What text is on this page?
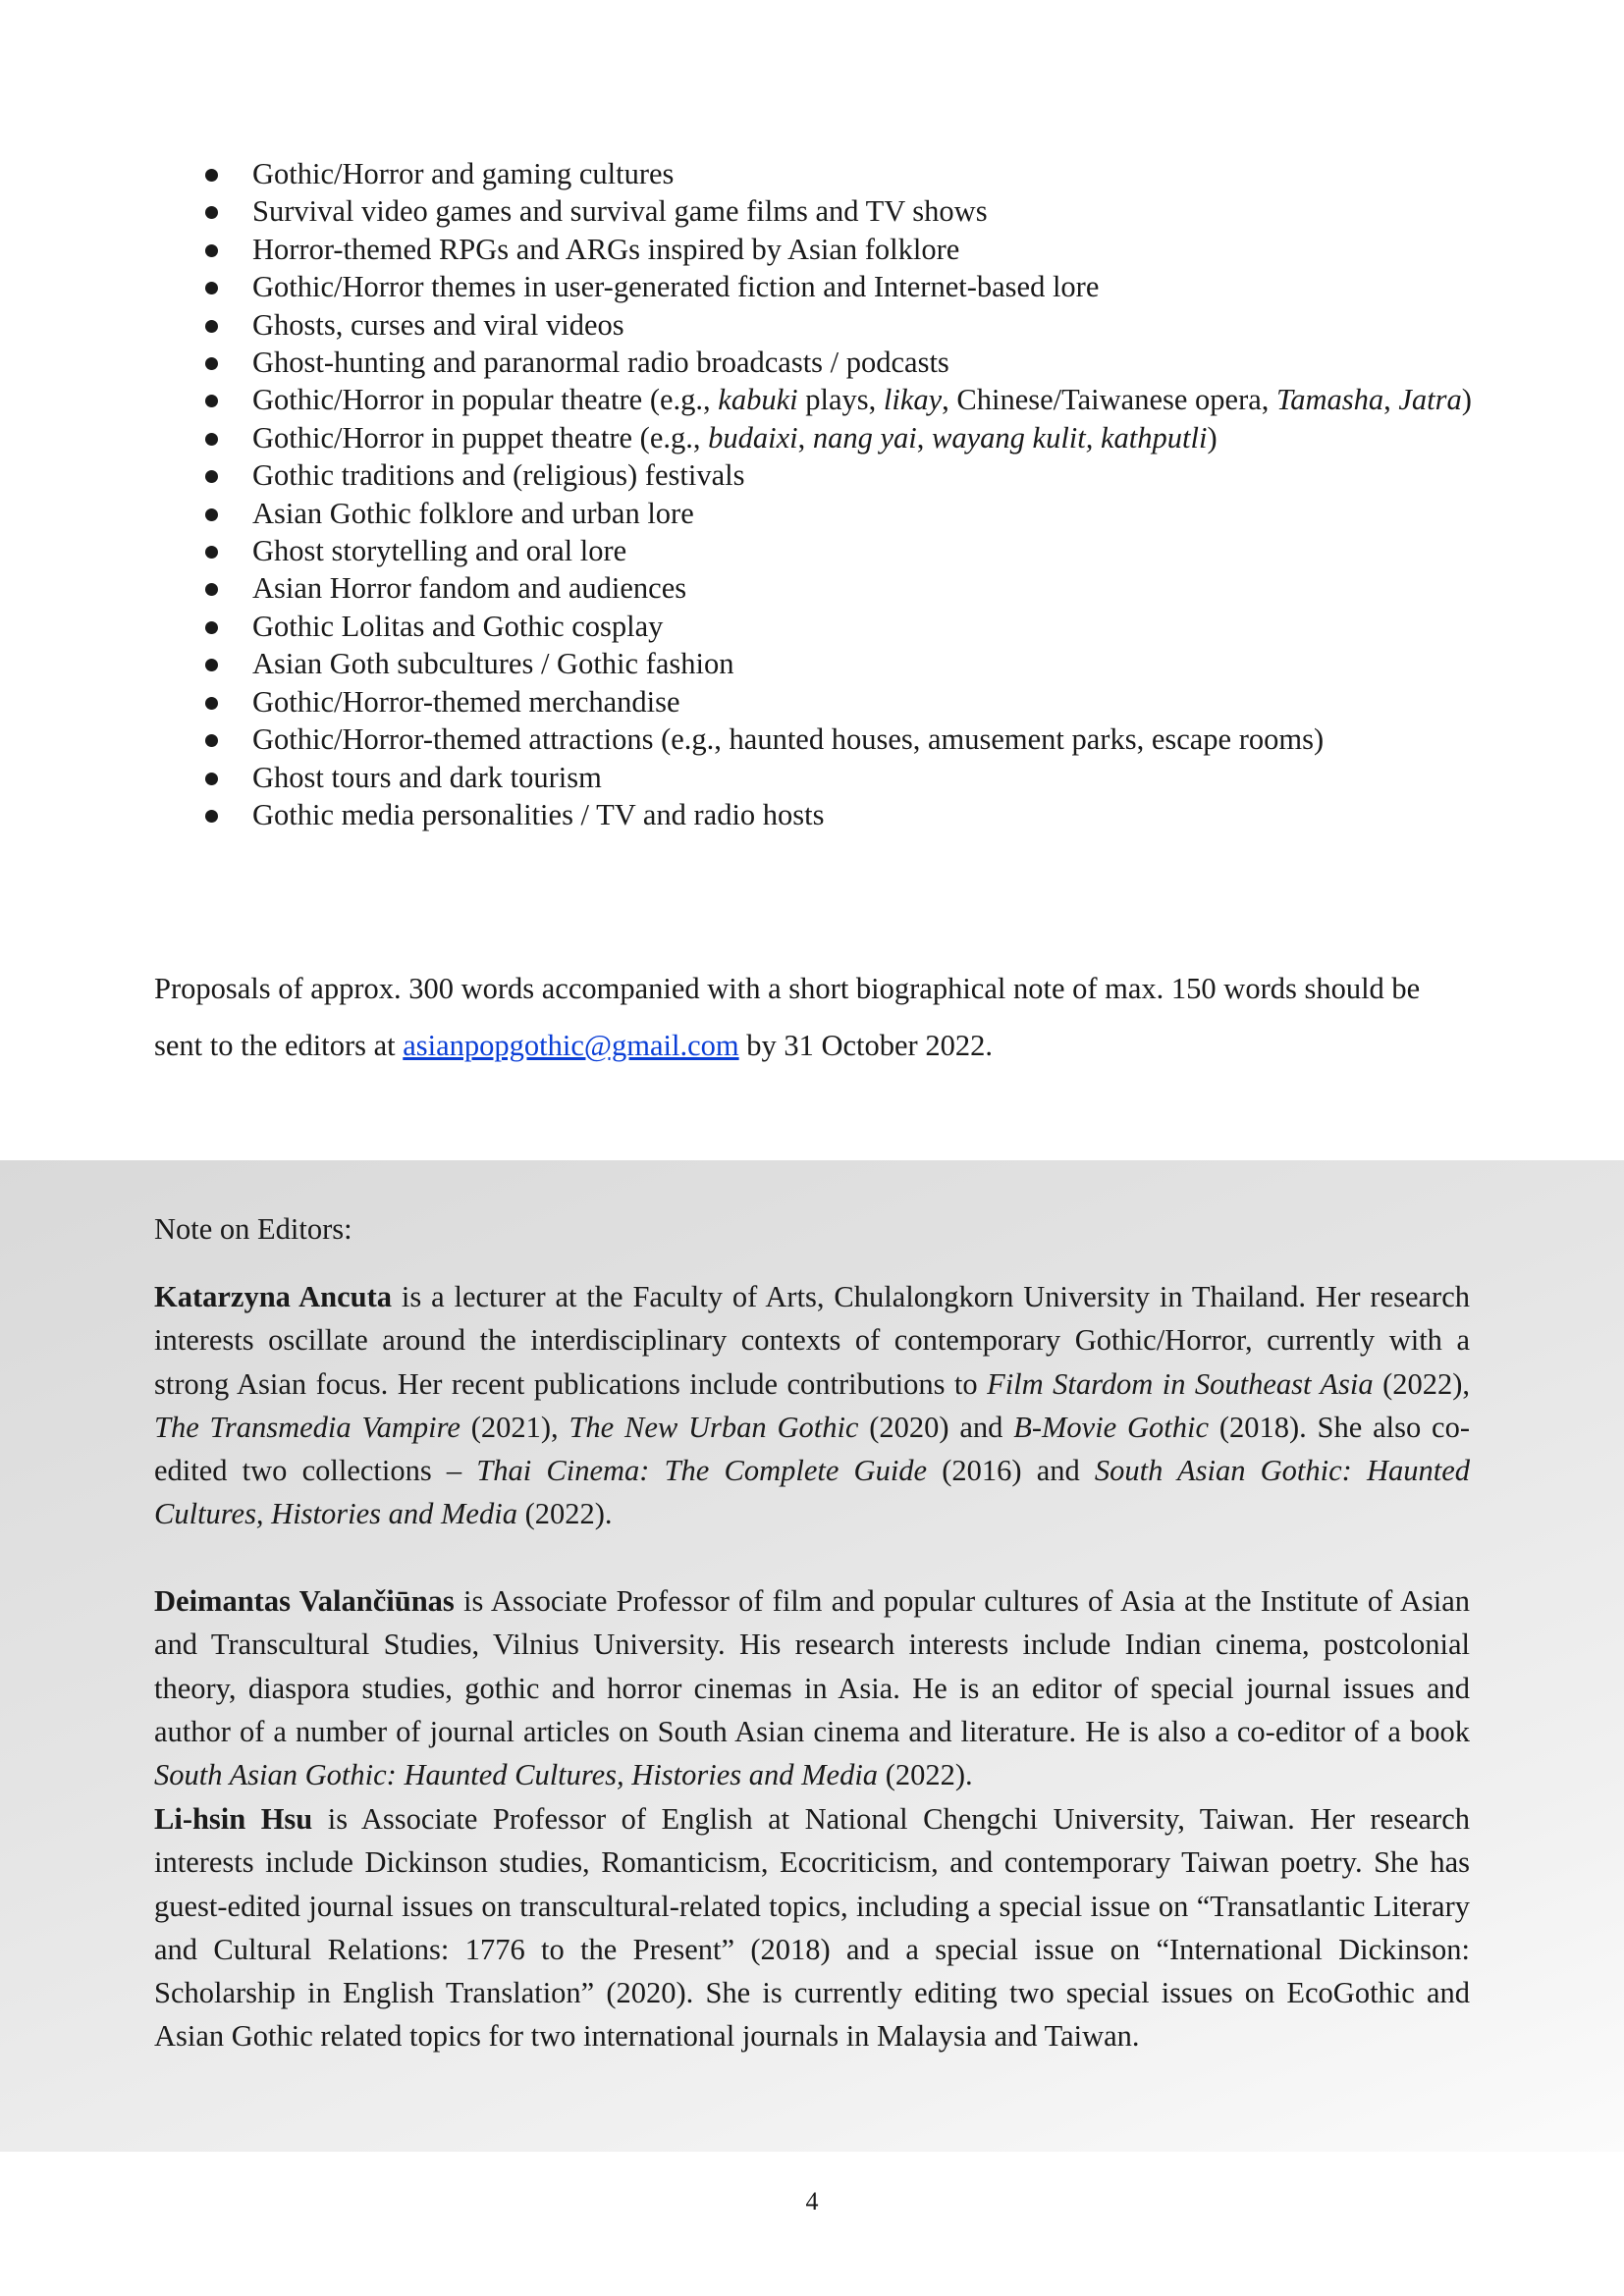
Gothic/Horror and gaming cultures
Survival video games and survival game films and TV shows
Horror-themed RPGs and ARGs inspired by Asian folklore
Gothic/Horror themes in user-generated fiction and Internet-based lore
Ghosts, curses and viral videos
Ghost-hunting and paranormal radio broadcasts / podcasts
Gothic/Horror in popular theatre (e.g., kabuki plays, likay, Chinese/Taiwanese opera, Tamasha, Jatra)
Gothic/Horror in puppet theatre (e.g., budaixi, nang yai, wayang kulit, kathputli)
Gothic traditions and (religious) festivals
Asian Gothic folklore and urban lore
Ghost storytelling and oral lore
Asian Horror fandom and audiences
Gothic Lolitas and Gothic cosplay
Asian Goth subcultures / Gothic fashion
Gothic/Horror-themed merchandise
Gothic/Horror-themed attractions (e.g., haunted houses, amusement parks, escape rooms)
Ghost tours and dark tourism
Gothic media personalities / TV and radio hosts

Proposals of approx. 300 words accompanied with a short biographical note of max. 150 words should be sent to the editors at asianpopgothic@gmail.com by 31 October 2022.

Note on Editors:

Katarzyna Ancuta is a lecturer at the Faculty of Arts, Chulalongkorn University in Thailand. Her research interests oscillate around the interdisciplinary contexts of contemporary Gothic/Horror, currently with a strong Asian focus. Her recent publications include contributions to Film Stardom in Southeast Asia (2022), The Transmedia Vampire (2021), The New Urban Gothic (2020) and B-Movie Gothic (2018). She also co-edited two collections – Thai Cinema: The Complete Guide (2016) and South Asian Gothic: Haunted Cultures, Histories and Media (2022).

Deimantas Valančiūnas is Associate Professor of film and popular cultures of Asia at the Institute of Asian and Transcultural Studies, Vilnius University. His research interests include Indian cinema, postcolonial theory, diaspora studies, gothic and horror cinemas in Asia. He is an editor of special journal issues and author of a number of journal articles on South Asian cinema and literature. He is also a co-editor of a book South Asian Gothic: Haunted Cultures, Histories and Media (2022).

Li-hsin Hsu is Associate Professor of English at National Chengchi University, Taiwan. Her research interests include Dickinson studies, Romanticism, Ecocriticism, and contemporary Taiwan poetry. She has guest-edited journal issues on transcultural-related topics, including a special issue on “Transatlantic Literary and Cultural Relations: 1776 to the Present” (2018) and a special issue on “International Dickinson: Scholarship in English Translation” (2020). She is currently editing two special issues on EcoGothic and Asian Gothic related topics for two international journals in Malaysia and Taiwan.

4
